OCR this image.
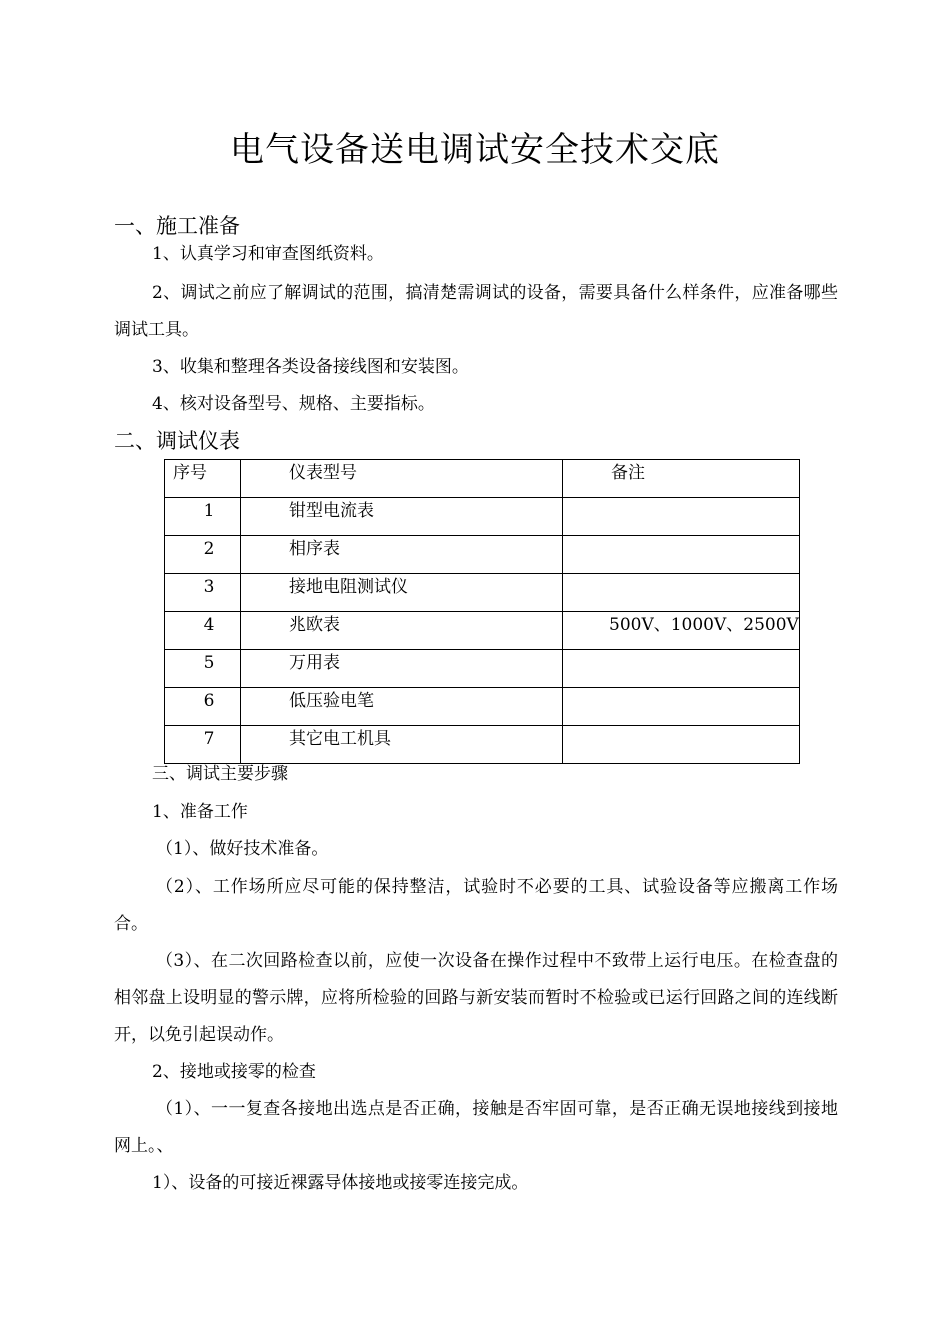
电气设备送电调试安全技术交底
一、施工准备
1、认真学习和审查图纸资料。
2、调试之前应了解调试的范围，搞清楚需调试的设备，需要具备什么样条件，应准备哪些调试工具。
3、收集和整理各类设备接线图和安装图。
4、核对设备型号、规格、主要指标。
二、调试仪表
序号	仪表型号	备注

1	钳型电流表	

2	相序表	

3	接地电阻测试仪	

4	兆欧表	500V、1000V、2500V

5	万用表	

6	低压验电笔	

7	其它电工机具	

三、调试主要步骤
1、准备工作
（1）、做好技术准备。
（2）、工作场所应尽可能的保持整洁，试验时不必要的工具、试验设备等应搬离工作场合。
（3）、在二次回路检查以前，应使一次设备在操作过程中不致带上运行电压。在检查盘的相邻盘上设明显的警示牌，应将所检验的回路与新安装而暂时不检验或已运行回路之间的连线断开，以免引起误动作。
2、接地或接零的检查
（1）、一一复查各接地出选点是否正确，接触是否牢固可靠，是否正确无误地接线到接地网上。、
1）、设备的可接近裸露导体接地或接零连接完成。
